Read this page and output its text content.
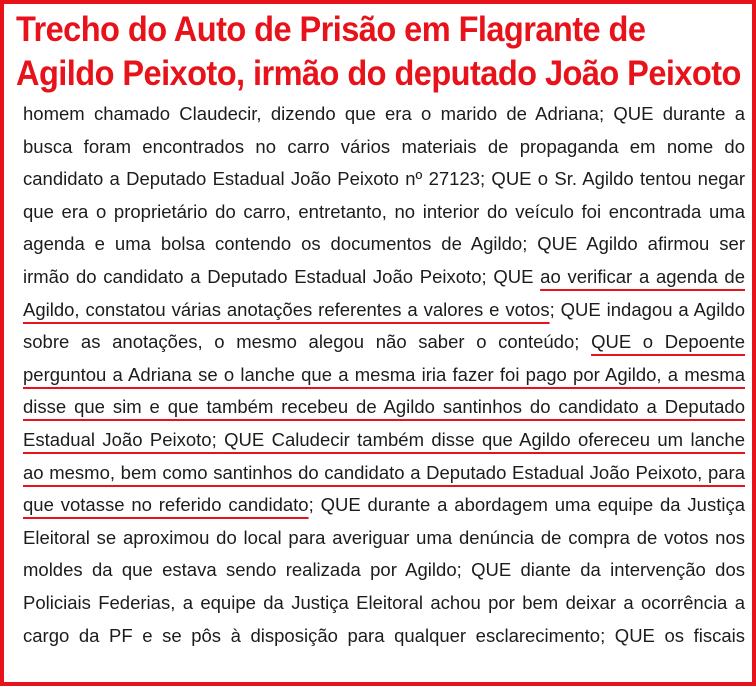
Trecho do Auto de Prisão em Flagrante de
Agildo Peixoto, irmão do deputado João Peixoto
homem chamado Claudecir, dizendo que era o marido de Adriana; QUE durante a
busca foram encontrados no carro vários materiais de propaganda em nome do
candidato a Deputado Estadual João Peixoto nº 27123; QUE o Sr. Agildo tentou negar
que era o proprietário do carro, entretanto, no interior do veículo foi encontrada uma
agenda e uma bolsa contendo os documentos de Agildo; QUE Agildo afirmou ser
irmão do candidato a Deputado Estadual João Peixoto; QUE ao verificar a agenda de
Agildo, constatou várias anotações referentes a valores e votos; QUE indagou a Agildo
sobre as anotações, o mesmo alegou não saber o conteúdo; QUE o Depoente
perguntou a Adriana se o lanche que a mesma iria fazer foi pago por Agildo, a mesma
disse que sim e que também recebeu de Agildo santinhos do candidato a Deputado
Estadual João Peixoto; QUE Caludecir também disse que Agildo ofereceu um lanche
ao mesmo, bem como santinhos do candidato a Deputado Estadual João Peixoto, para
que votasse no referido candidato; QUE durante a abordagem uma equipe da Justiça
Eleitoral se aproximou do local para averiguar uma denúncia de compra de votos nos
moldes da que estava sendo realizada por Agildo; QUE diante da intervenção dos
Policiais Federias, a equipe da Justiça Eleitoral achou por bem deixar a ocorrência a
cargo da PF e se pôs à disposição para qualquer esclarecimento; QUE os fiscais
